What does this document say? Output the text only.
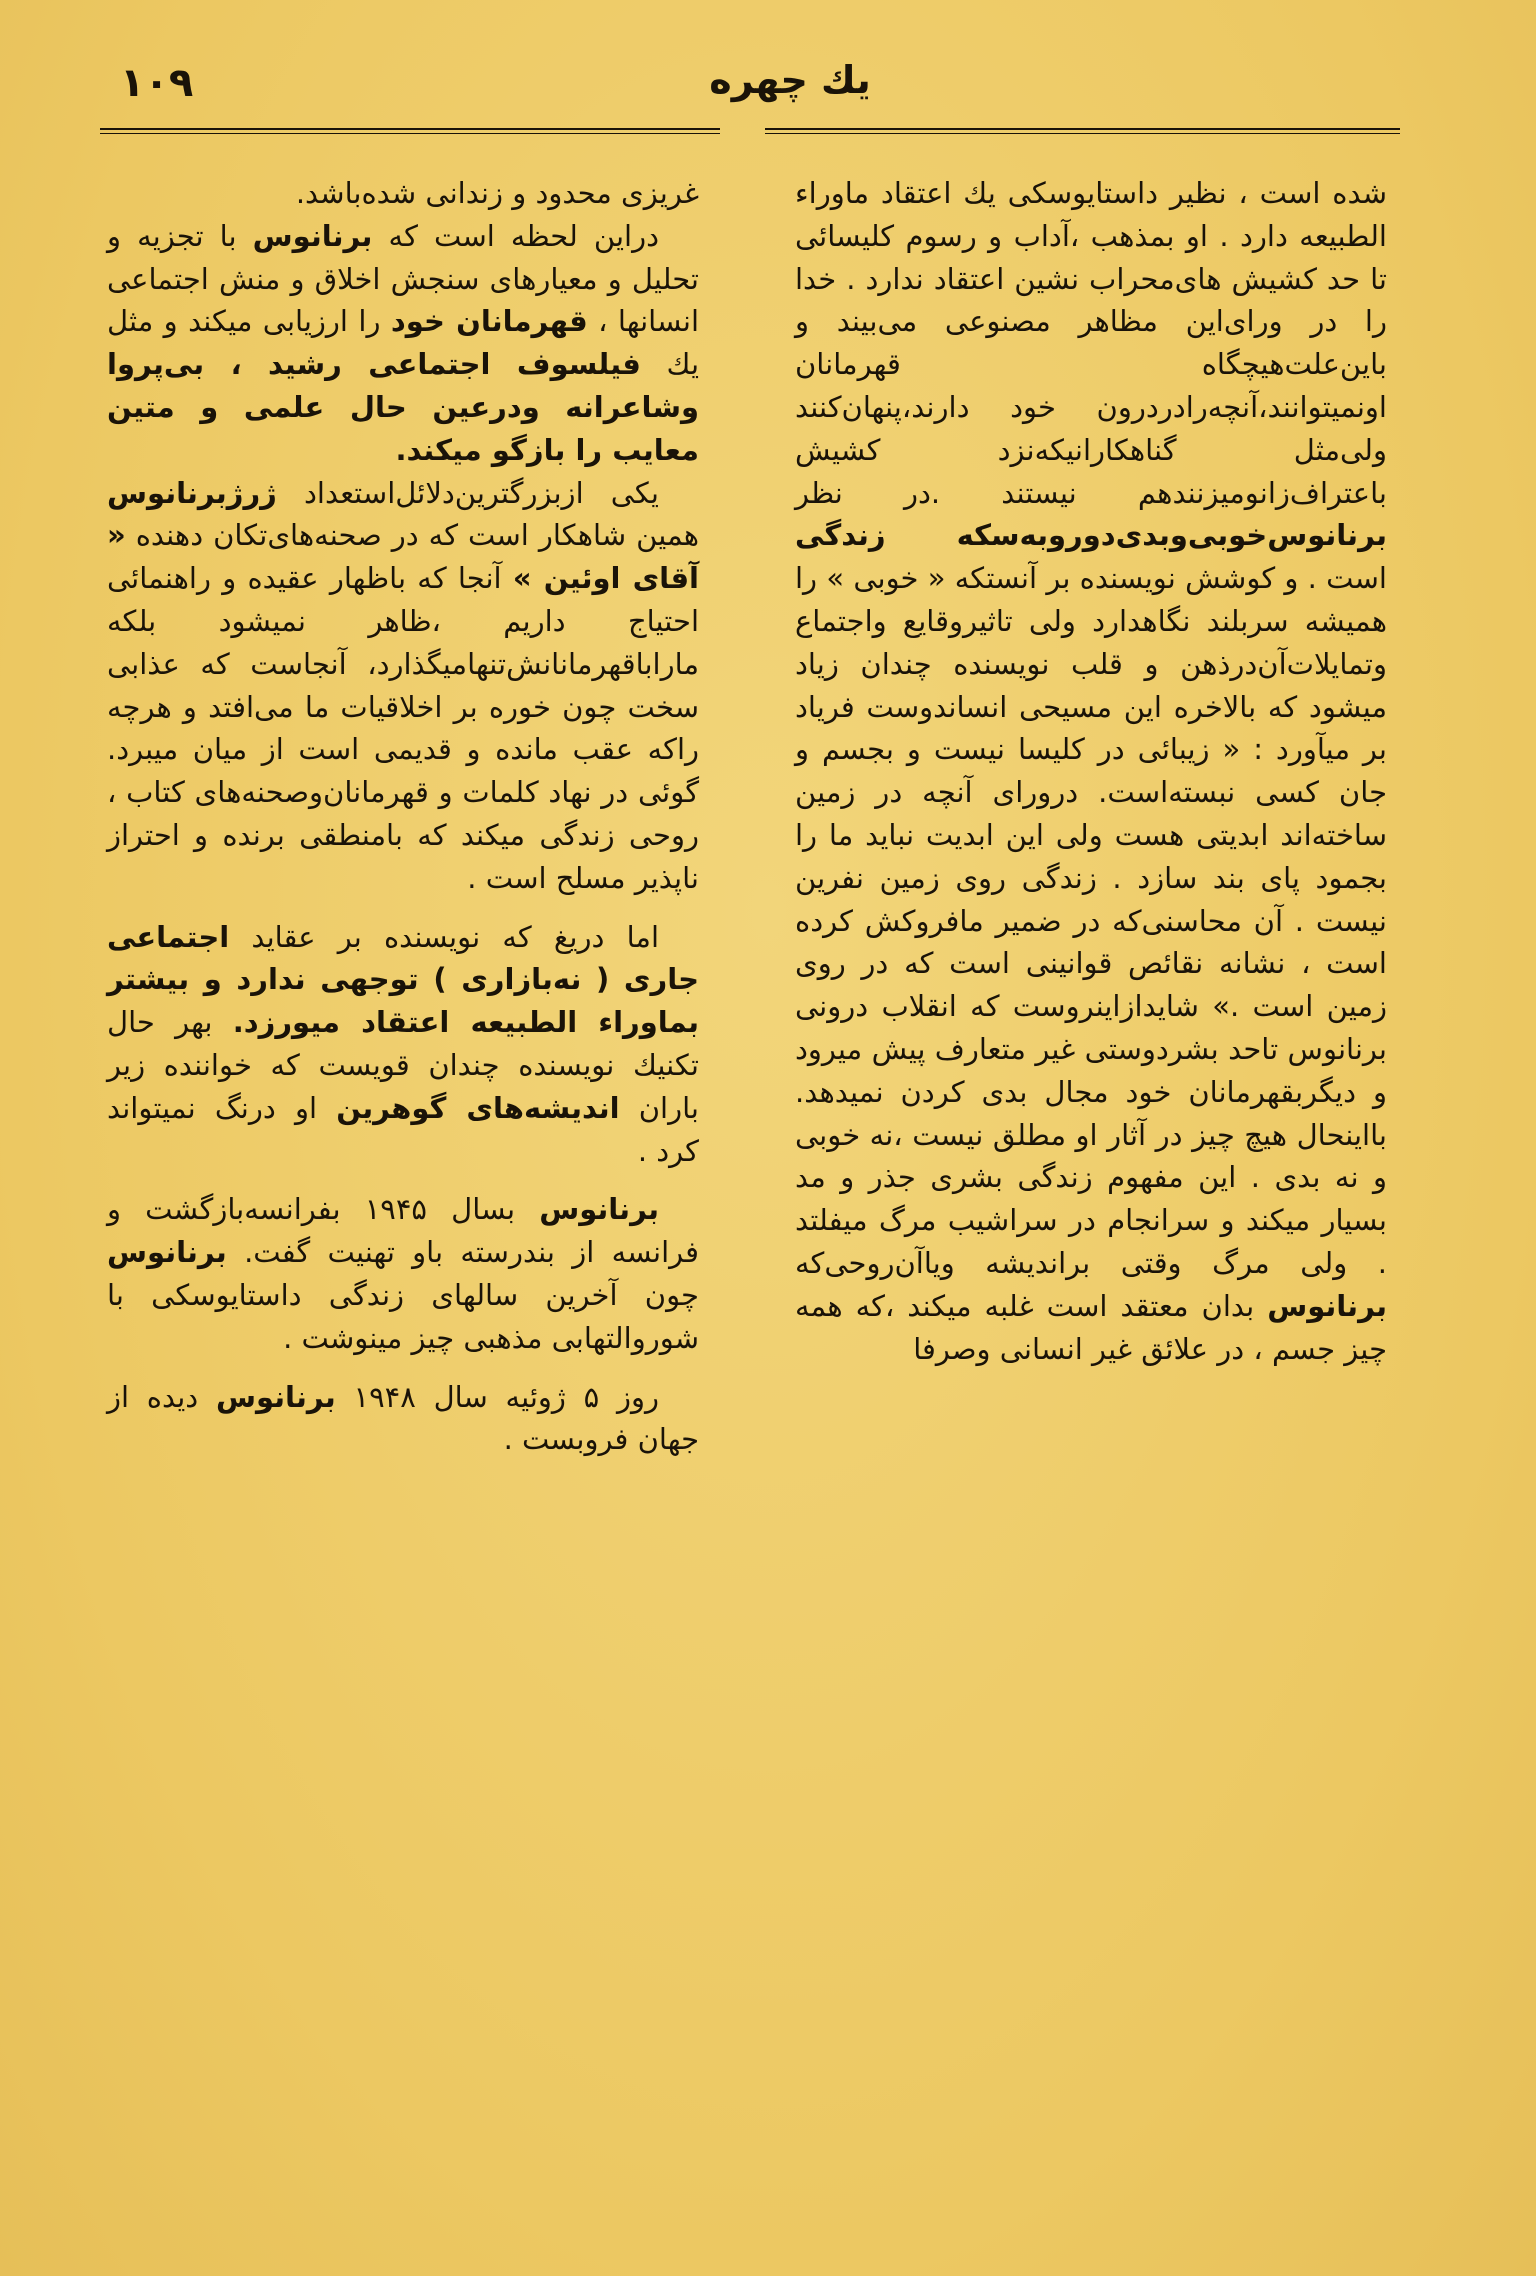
۱۰۹	یك چهره

شده است ، نظیر داستایوسکی یك اعتقاد ماوراء الطبیعه دارد . او بمذهب ،آداب و رسوم کلیسائی تا حد کشیش های‌محراب نشین اعتقاد ندارد . خدا را در ورای‌این مظاهر مصنوعی می‌بیند و باین‌علت‌هیچگاه قهرمانان اونمیتوانند،آنچه‌رادردرون خود دارند،پنهان‌کنند ولی‌مثل گناهکارانیکه‌نزد کشیش باعتراف‌زانومیزنندهم نیستند .در نظر برنانوس‌خوبی‌وبدی‌دوروبه‌سکه زندگی است . و کوشش نویسنده بر آنستکه « خوبی » را همیشه سربلند نگاهدارد ولی تاثیروقایع واجتماع وتمایلات‌آن‌درذهن و قلب نویسنده چندان زیاد میشود که بالاخره این مسیحی انساندوست فریاد بر میآورد : « زیبائی در کلیسا نیست و بجسم و جان کسی نبسته‌است. درورای آنچه در زمین ساخته‌اند ابدیتی هست ولی این ابدیت نباید ما را بجمود پای بند سازد . زندگی روی زمین نفرین نیست . آن محاسنی‌که در ضمیر مافروکش کرده است ، نشانه نقائص قوانینی است که در روی زمین است .» شایدازاینروست که انقلاب درونی برنانوس تاحد بشردوستی غیر متعارف پیش میرود و دیگربقهرمانان خود مجال بدی کردن نمیدهد. بااینحال هیچ چیز در آثار او مطلق نیست ،نه خوبی و نه بدی . این مفهوم زندگی بشری جذر و مد بسیار میکند و سرانجام در سراشیب مرگ میفلتد . ولی مرگ وقتی براندیشه ویاآن‌روحی‌که برنانوس بدان معتقد است غلبه میکند ،که همه چیز جسم ، در علائق غیر انسانی وصرفا

غریزی محدود و زندانی شده‌باشد.

دراین لحظه است که برنانوس با تجزیه و تحلیل و معیارهای سنجش اخلاق و منش اجتماعی انسانها ، قهرمانان خود را ارزیابی میکند و مثل یك فیلسوف اجتماعی رشید ، بی‌پروا وشاعرانه ودرعین حال علمی و متین معایب را بازگو میکند.

یکی ازبزرگترین‌دلائل‌استعداد ژرژبرنانوس همین شاهکار است که در صحنه‌های‌تکان دهنده « آقای اوئین » آنجا که باظهار عقیده و راهنمائی احتیاج داریم ،ظاهر نمیشود بلکه مارابا‌قهرمانانش‌تنهامیگذارد، آنجاست که عذابی سخت چون خوره بر اخلاقیات ما می‌افتد و هرچه راکه عقب مانده و قدیمی است از میان میبرد. گوئی در نهاد کلمات و قهرمانان‌وصحنه‌های کتاب ، روحی زندگی میکند که بامنطقی برنده و احتراز ناپذیر مسلح است .

اما دریغ که نویسنده بر عقاید اجتماعی جاری ( نه‌بازاری ) توجهی ندارد و بیشتر بماوراء الطبیعه اعتقاد میورزد. بهر حال تکنیك نویسنده چندان قویست که خواننده زیر باران اندیشه‌های گوهرین او درنگ نمیتواند کرد .

برنانوس بسال ۱۹۴۵ بفرانسه‌بازگشت و فرانسه از بندرسته باو تهنیت گفت. برنانوس چون آخرین سالهای زندگی داستایوسکی با شوروالتهابی مذهبی چیز مینوشت .

روز ۵ ژوئیه سال ۱۹۴۸ برنانوس دیده از جهان فروبست .
